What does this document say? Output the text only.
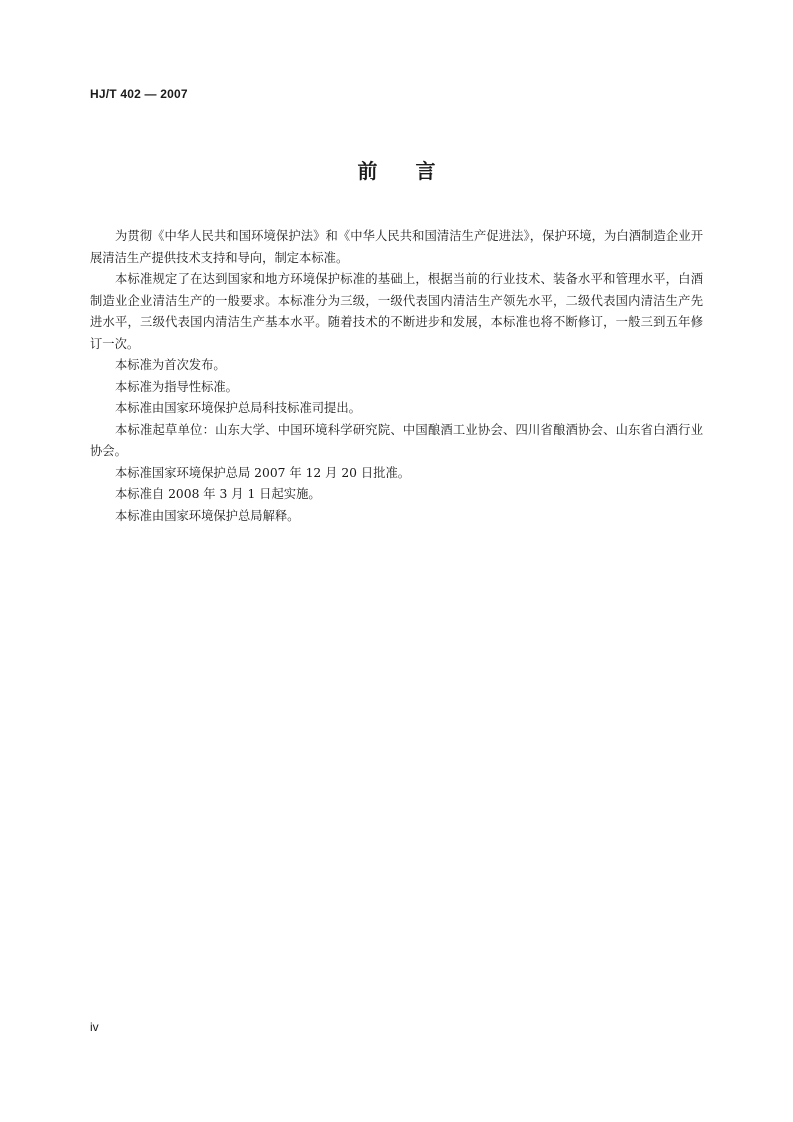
HJ/T 402 — 2007
前言

为贯彻《中华人民共和国环境保护法》和《中华人民共和国清洁生产促进法》，保护环境，为白酒制造企业开展清洁生产提供技术支持和导向，制定本标准。

本标准规定了在达到国家和地方环境保护标准的基础上，根据当前的行业技术、装备水平和管理水平，白酒制造业企业清洁生产的一般要求。本标准分为三级，一级代表国内清洁生产领先水平，二级代表国内清洁生产先进水平，三级代表国内清洁生产基本水平。随着技术的不断进步和发展，本标准也将不断修订，一般三到五年修订一次。

本标准为首次发布。

本标准为指导性标准。

本标准由国家环境保护总局科技标准司提出。

本标准起草单位：山东大学、中国环境科学研究院、中国酿酒工业协会、四川省酿酒协会、山东省白酒行业协会。

本标准国家环境保护总局 2007 年 12 月 20 日批准。

本标准自 2008 年 3 月 1 日起实施。

本标准由国家环境保护总局解释。

iv
